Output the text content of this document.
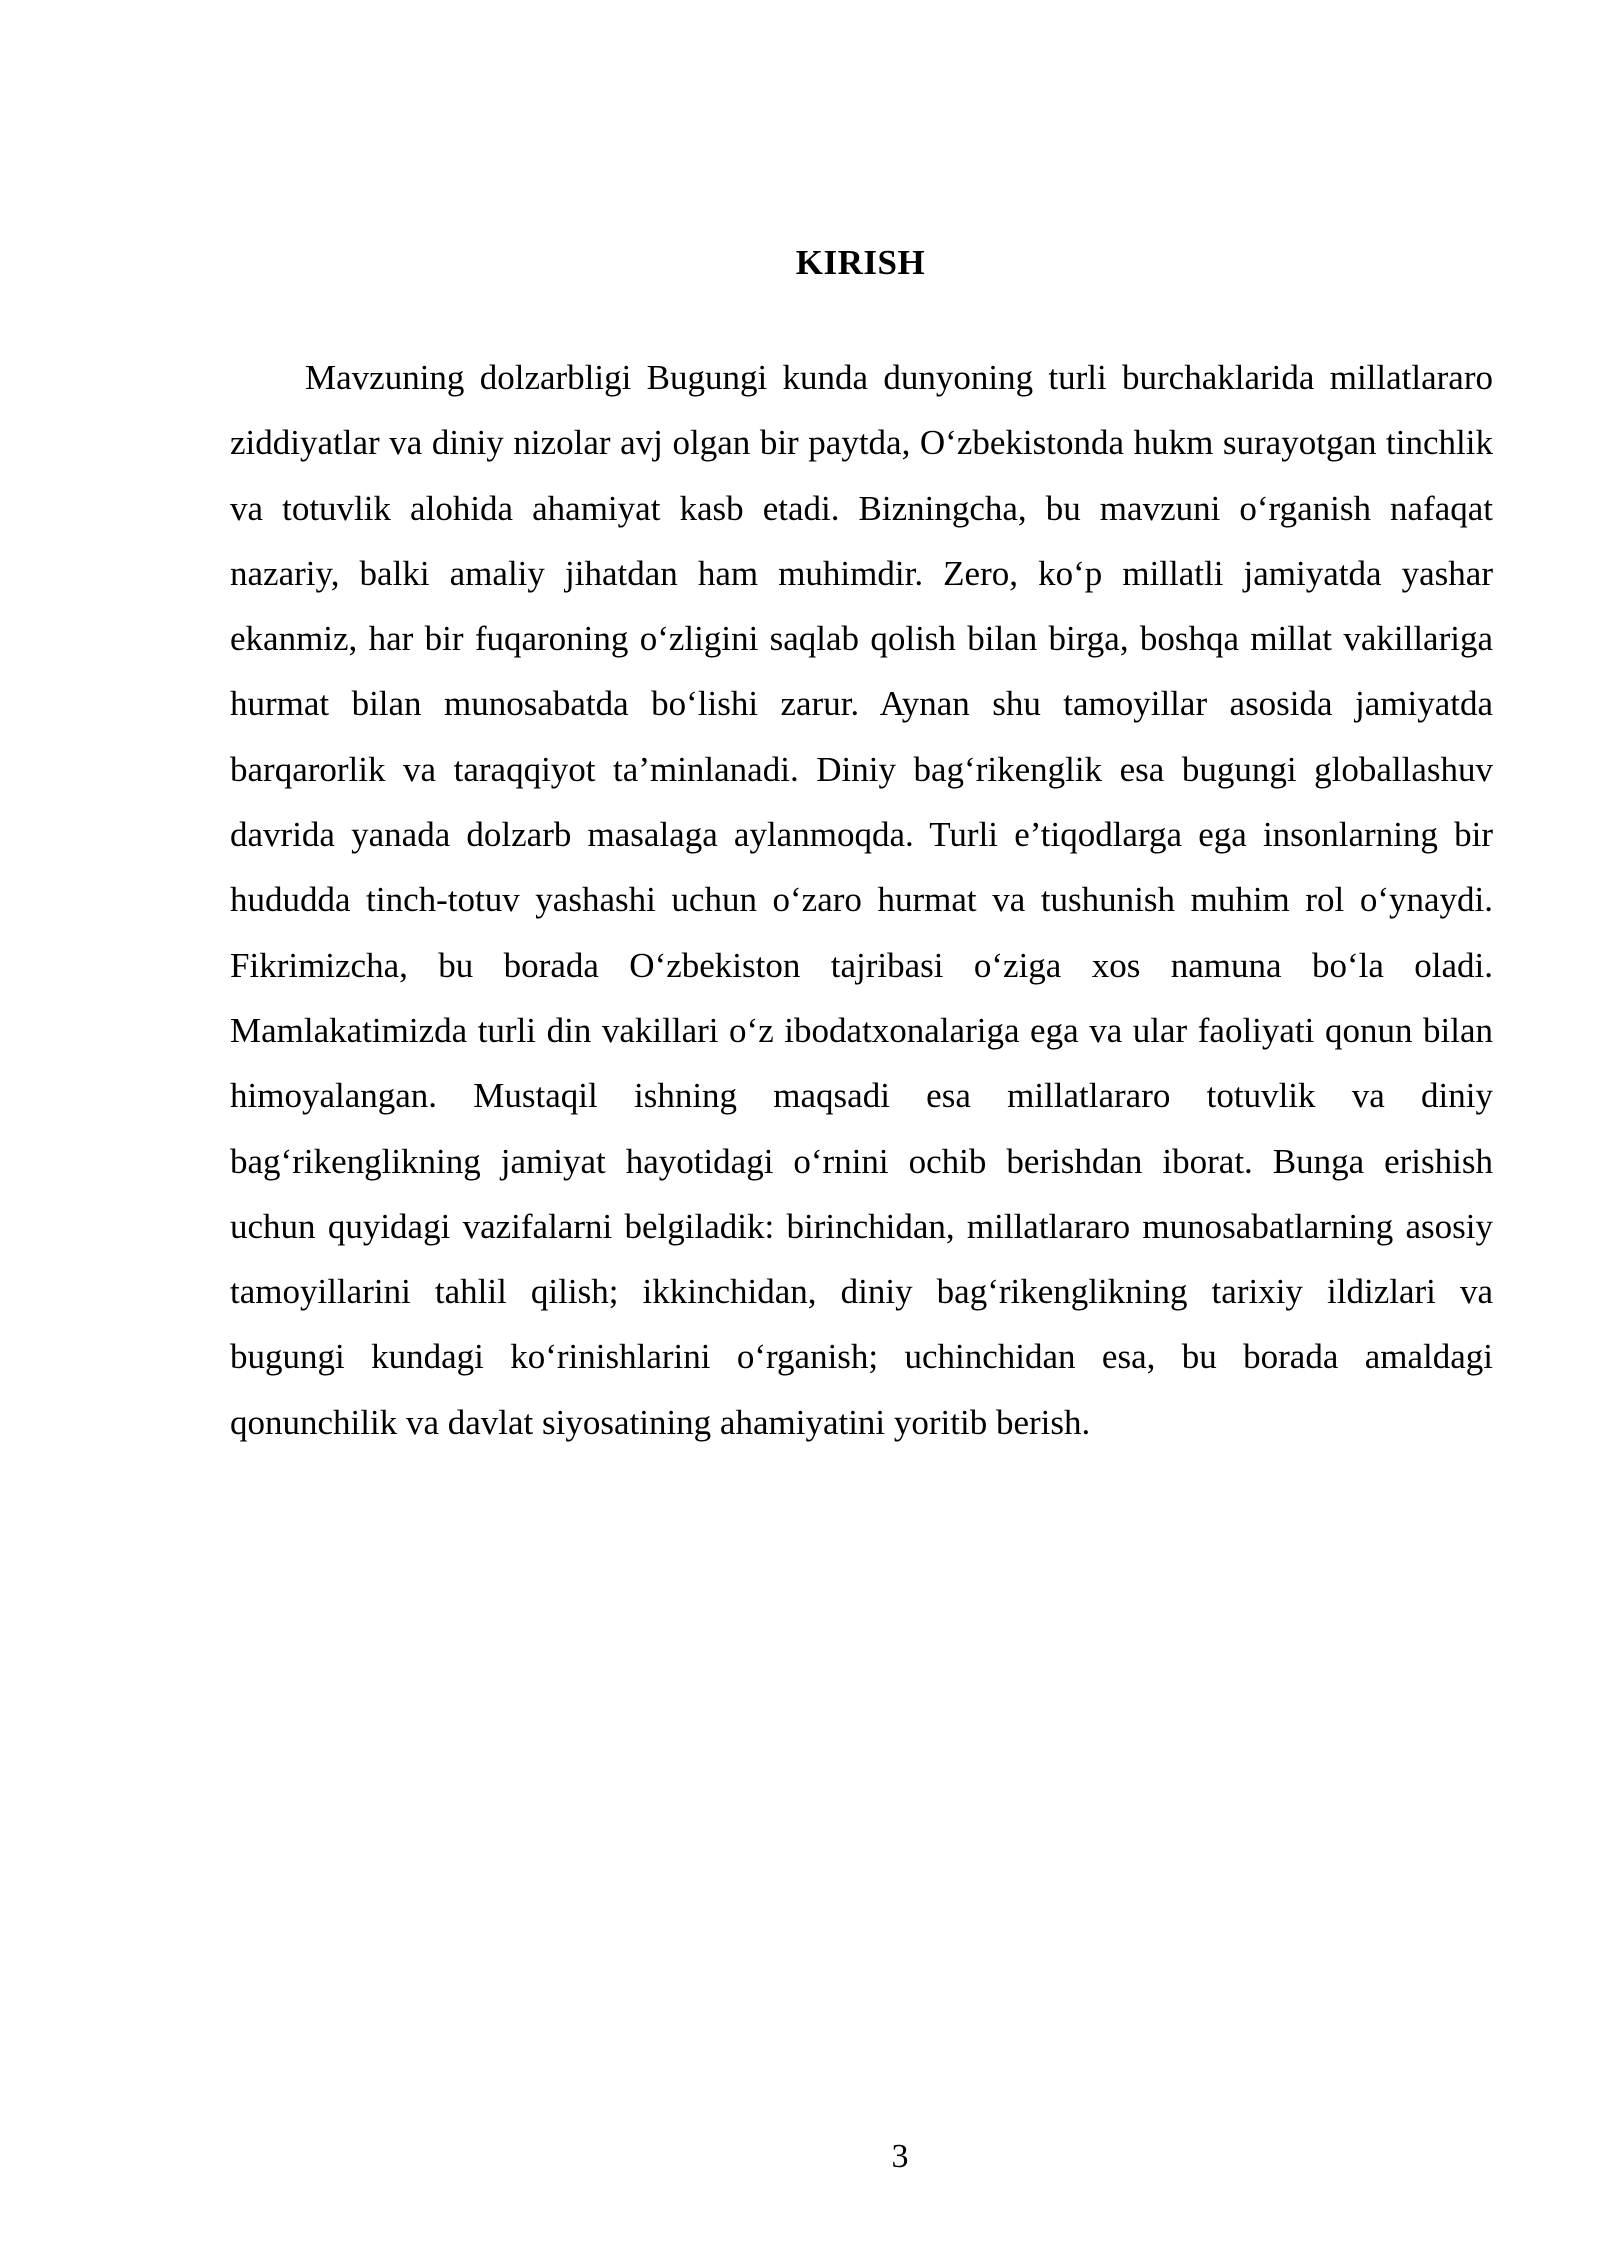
KIRISH

Mavzuning dolzarbligi Bugungi kunda dunyoning turli burchaklarida millatlararo ziddiyatlar va diniy nizolar avj olgan bir paytda, O‘zbekistonda hukm surayotgan tinchlik va totuvlik alohida ahamiyat kasb etadi. Bizningcha, bu mavzuni o‘rganish nafaqat nazariy, balki amaliy jihatdan ham muhimdir. Zero, ko‘p millatli jamiyatda yashar ekanmiz, har bir fuqaroning o‘zligini saqlab qolish bilan birga, boshqa millat vakillariga hurmat bilan munosabatda bo‘lishi zarur. Aynan shu tamoyillar asosida jamiyatda barqarorlik va taraqqiyot ta’minlanadi. Diniy bag‘rikenglik esa bugungi globallashuv davrida yanada dolzarb masalaga aylanmoqda. Turli e’tiqodlarga ega insonlarning bir hududda tinch-totuv yashashi uchun o‘zaro hurmat va tushunish muhim rol o‘ynaydi. Fikrimizcha, bu borada O‘zbekiston tajribasi o‘ziga xos namuna bo‘la oladi. Mamlakatimizda turli din vakillari o‘z ibodatxonalariga ega va ular faoliyati qonun bilan himoyalangan. Mustaqil ishning maqsadi esa millatlararo totuvlik va diniy bag‘rikenglikning jamiyat hayotidagi o‘rnini ochib berishdan iborat. Bunga erishish uchun quyidagi vazifalarni belgiladik: birinchidan, millatlararo munosabatlarning asosiy tamoyillarini tahlil qilish; ikkinchidan, diniy bag‘rikenglikning tarixiy ildizlari va bugungi kundagi ko‘rinishlarini o‘rganish; uchinchidan esa, bu borada amaldagi qonunchilik va davlat siyosatining ahamiyatini yoritib berish.

3
